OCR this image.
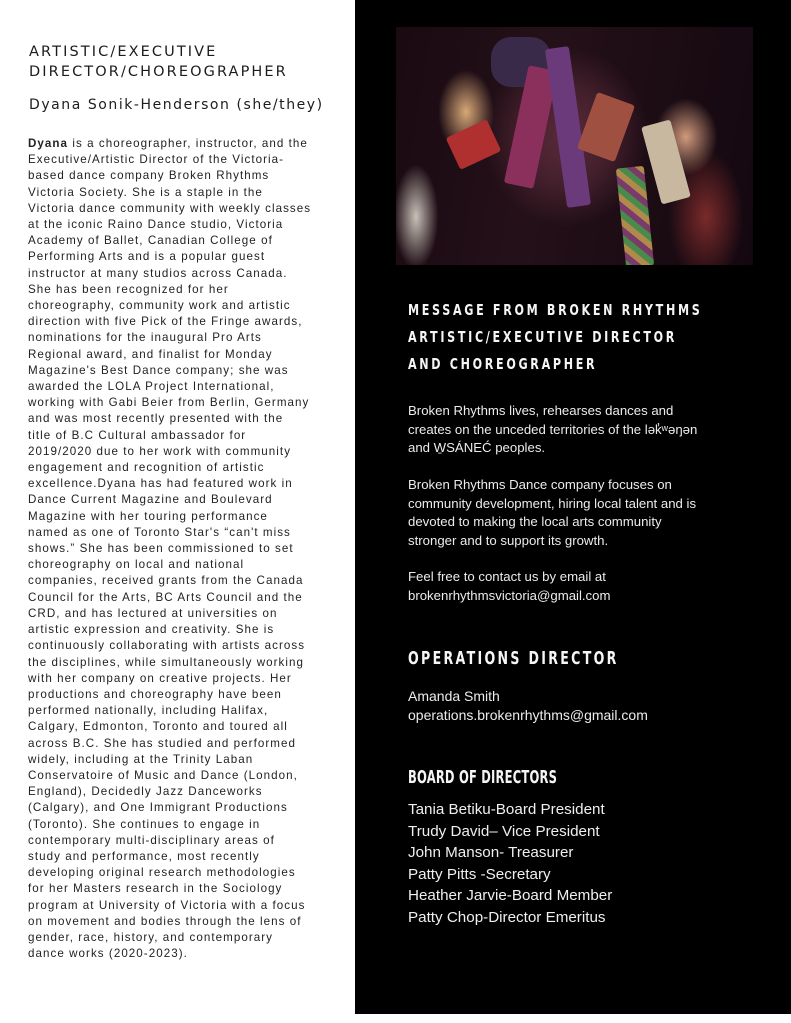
ARTISTIC/EXECUTIVE
DIRECTOR/CHOREOGRAPHER
Dyana Sonik-Henderson (she/they)
Dyana is a choreographer, instructor, and the
Executive/Artistic Director of the Victoria-
based dance company Broken Rhythms
Victoria Society. She is a staple in the
Victoria dance community with weekly classes
at the iconic Raino Dance studio, Victoria
Academy of Ballet, Canadian College of
Performing Arts and is a popular guest
instructor at many studios across Canada.
She has been recognized for her
choreography, community work and artistic
direction with five Pick of the Fringe awards,
nominations for the inaugural Pro Arts
Regional award, and finalist for Monday
Magazine's Best Dance company; she was
awarded the LOLA Project International,
working with Gabi Beier from Berlin, Germany
and was most recently presented with the
title of B.C Cultural ambassador for
2019/2020 due to her work with community
engagement and recognition of artistic
excellence.Dyana has had featured work in
Dance Current Magazine and Boulevard
Magazine with her touring performance
named as one of Toronto Star's “can't miss
shows.” She has been commissioned to set
choreography on local and national
companies, received grants from the Canada
Council for the Arts, BC Arts Council and the
CRD, and has lectured at universities on
artistic expression and creativity. She is
continuously collaborating with artists across
the disciplines, while simultaneously working
with her company on creative projects. Her
productions and choreography have been
performed nationally, including Halifax,
Calgary, Edmonton, Toronto and toured all
across B.C. She has studied and performed
widely, including at the Trinity Laban
Conservatoire of Music and Dance (London,
England), Decidedly Jazz Danceworks
(Calgary), and One Immigrant Productions
(Toronto). She continues to engage in
contemporary multi-disciplinary areas of
study and performance, most recently
developing original research methodologies
for her Masters research in the Sociology
program at University of Victoria with a focus
on movement and bodies through the lens of
gender, race, history, and contemporary
dance works (2020-2023).
MESSAGE FROM BROKEN RHYTHMS
ARTISTIC/EXECUTIVE DIRECTOR
AND CHOREOGRAPHER

Broken Rhythms lives, rehearses dances and
creates on the unceded territories of the lək̓ʷəŋən
and W̱SÁNEĆ peoples.

Broken Rhythms Dance company focuses on
community development, hiring local talent and is
devoted to making the local arts community
stronger and to support its growth.

Feel free to contact us by email at
brokenrhythmsvictoria@gmail.com

OPERATIONS DIRECTOR

Amanda Smith
operations.brokenrhythms@gmail.com

BOARD OF DIRECTORS
Tania Betiku-Board President
Trudy David– Vice President
John Manson- Treasurer
Patty Pitts -Secretary
Heather Jarvie-Board Member
Patty Chop-Director Emeritus
